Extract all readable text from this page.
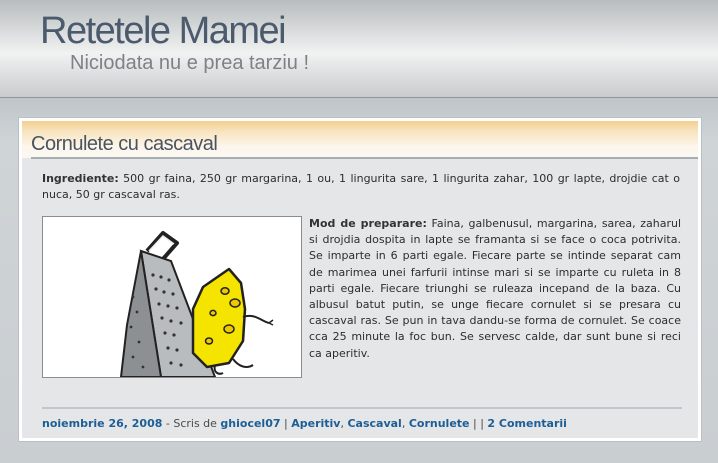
Retetele Mamei
Niciodata nu e prea tarziu !
Cornulete cu cascaval
Ingrediente: 500 gr faina, 250 gr margarina, 1 ou, 1 lingurita sare, 1 lingurita zahar, 100 gr lapte, drojdie cat o nuca, 50 gr cascaval ras.
Mod de preparare: Faina, galbenusul, margarina, sarea, zaharul si drojdia dospita in lapte se framanta si se face o coca potrivita. Se imparte in 6 parti egale. Fiecare parte se intinde separat cam de marimea unei farfurii intinse mari si se imparte cu ruleta in 8 parti egale. Fiecare triunghi se ruleaza incepand de la baza. Cu albusul batut putin, se unge fiecare cornulet si se presara cu cascaval ras. Se pun in tava dandu-se forma de cornulet. Se coace cca 25 minute la foc bun. Se servesc calde, dar sunt bune si reci ca aperitiv.
noiembrie 26, 2008 - Scris de ghiocel07 | Aperitiv, Cascaval, Cornulete | | 2 Comentarii
